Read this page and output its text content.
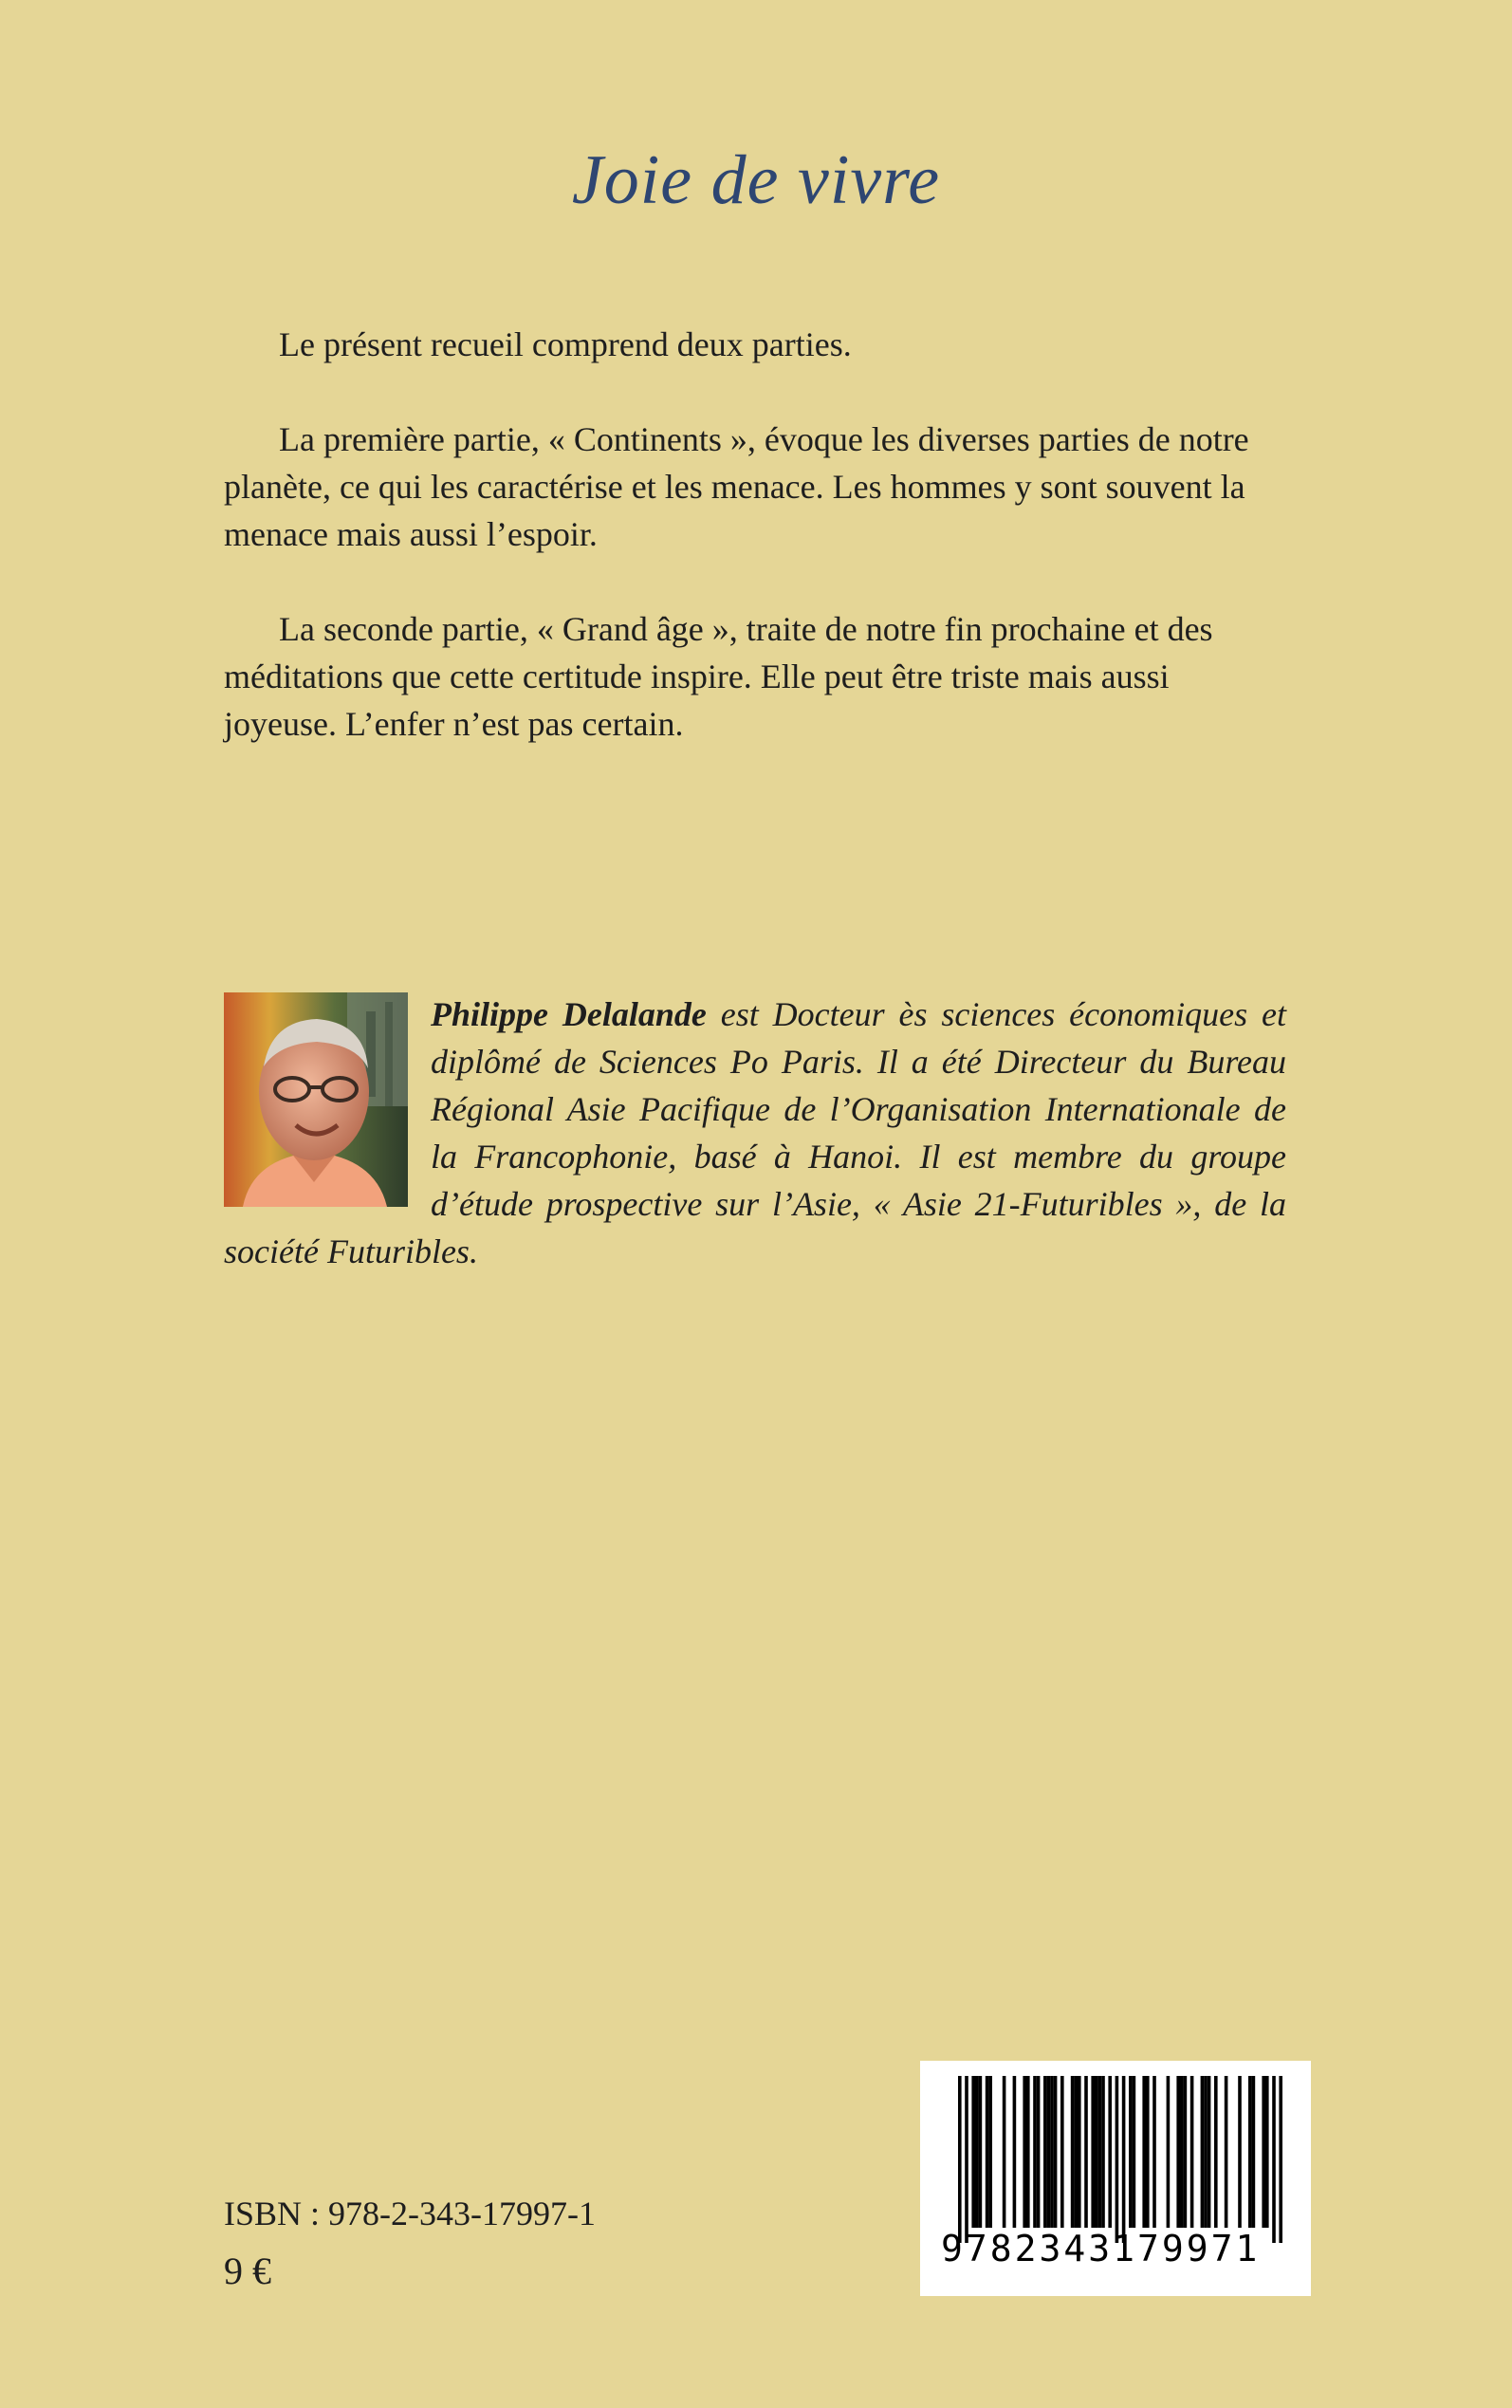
Joie de vivre

Le présent recueil comprend deux parties.

La première partie, « Continents », évoque les diverses parties de notre planète, ce qui les caractérise et les menace. Les hommes y sont souvent la menace mais aussi l’espoir.

La seconde partie, « Grand âge », traite de notre fin prochaine et des méditations que cette certitude inspire. Elle peut être triste mais aussi joyeuse. L’enfer n’est pas certain.

Philippe Delalande est Docteur ès sciences économiques et diplômé de Sciences Po Paris. Il a été Directeur du Bureau Régional Asie Pacifique de l’Organisation Internationale de la Francophonie, basé à Hanoi. Il est membre du groupe d’étude prospective sur l’Asie, « Asie 21-Futuribles », de la société Futuribles.

ISBN : 978-2-343-17997-1
9 €
9782343179971
